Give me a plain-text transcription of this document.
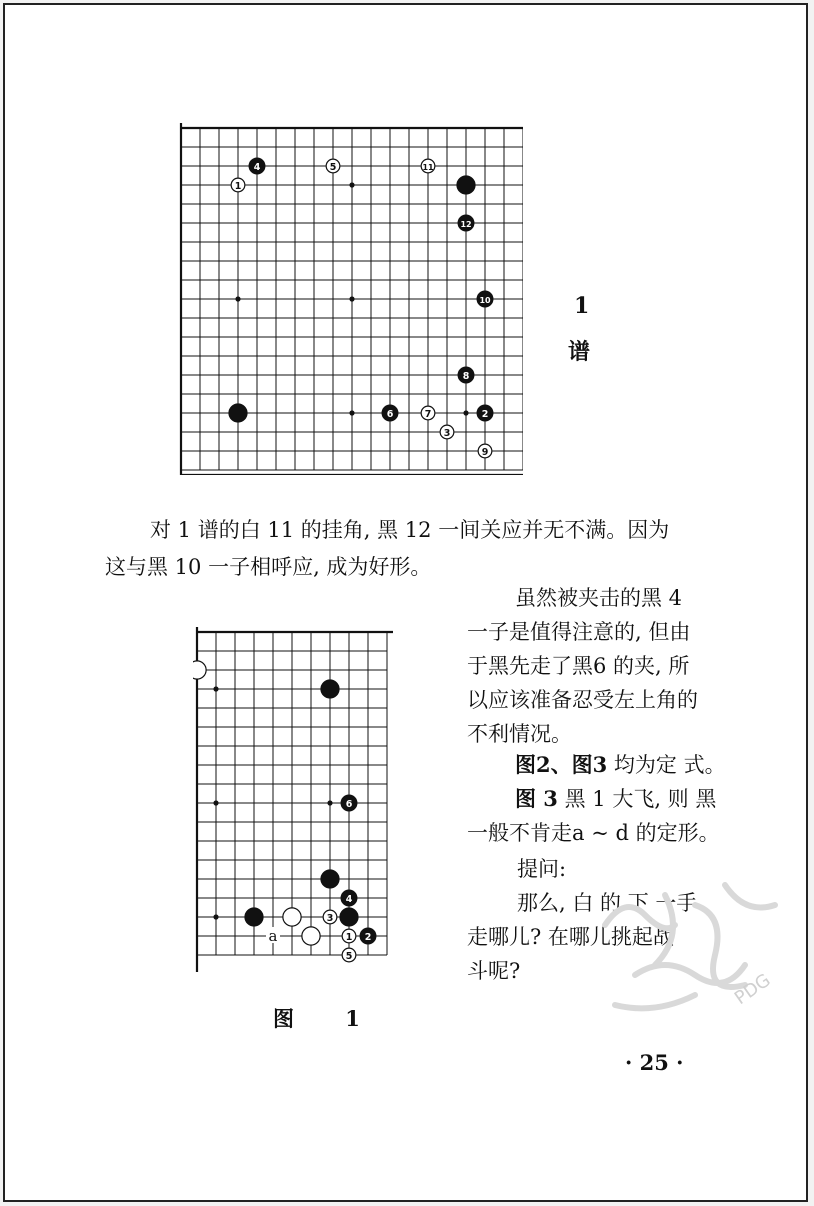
1
2
3
4	5
6	7
8
9
10
11
12
1
谱

对 1 谱的白 11 的挂角, 黑 12 一间关应并无不满。因为

这与黑 10 一子相呼应, 成为好形。

6
4
3
1 2
5
a
图 1

虽然被夹击的黑 4

一子是值得注意的, 但由

于黑先走了黑6 的夹, 所

以应该准备忍受左上角的

不利情况。

图2、图3 均为定 式。

图 3 黑 1 大飞, 则 黑

一般不肯走a ~ d 的定形。

提问:

那么, 白 的 下 一手

走哪儿? 在哪儿挑起战

斗呢?

· 25 ·
PDG
